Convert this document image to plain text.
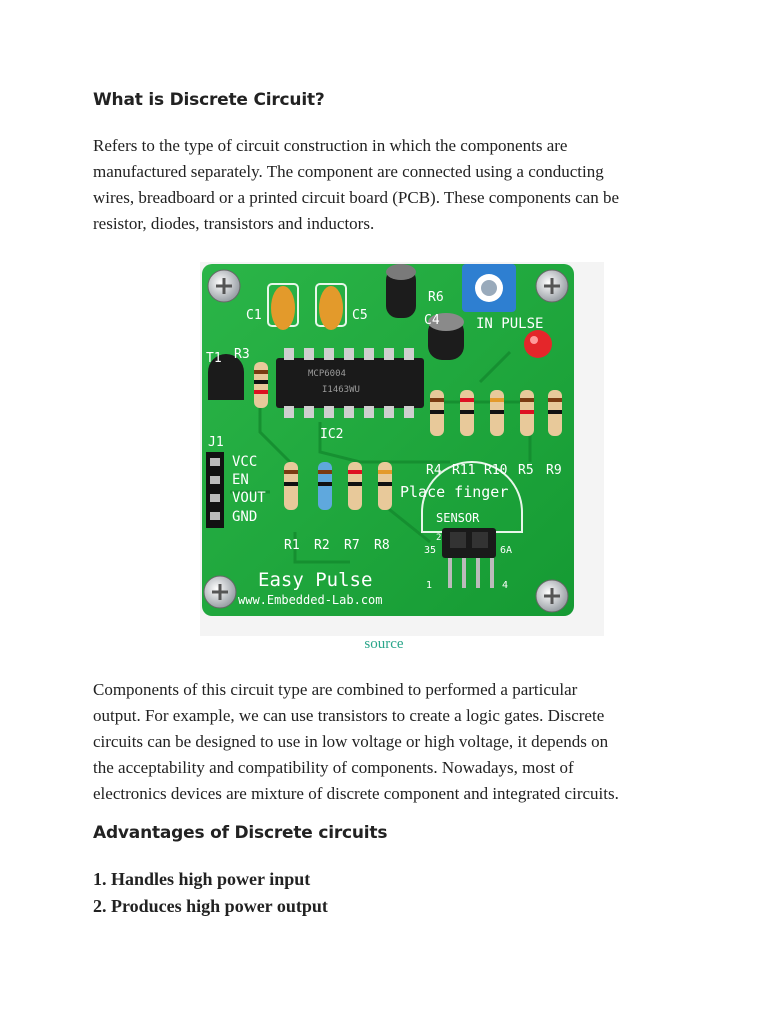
What is Discrete Circuit?
Refers to the type of circuit construction in which the components are
manufactured separately. The component are connected using a conducting
wires, breadboard or a printed circuit board (PCB). These components can be
resistor, diodes, transistors and inductors.
C1	C5	C4
R6
R3
T1
IC2
IN PULSE
J1
VCC
EN
VOUT
GND
R4 R11 R10 R5 R9
Place finger
SENSOR
R1 R2 R7 R8
Easy Pulse
www.Embedded-Lab.com
2
35	6A
1	4
MCP6004
I1463WU
source
Components of this circuit type are combined to performed a particular
output. For example, we can use transistors to create a logic gates. Discrete
circuits can be designed to use in low voltage or high voltage, it depends on
the acceptability and compatibility of components. Nowadays, most of
electronics devices are mixture of discrete component and integrated circuits.
Advantages of Discrete circuits
1. Handles high power input
2. Produces high power output
